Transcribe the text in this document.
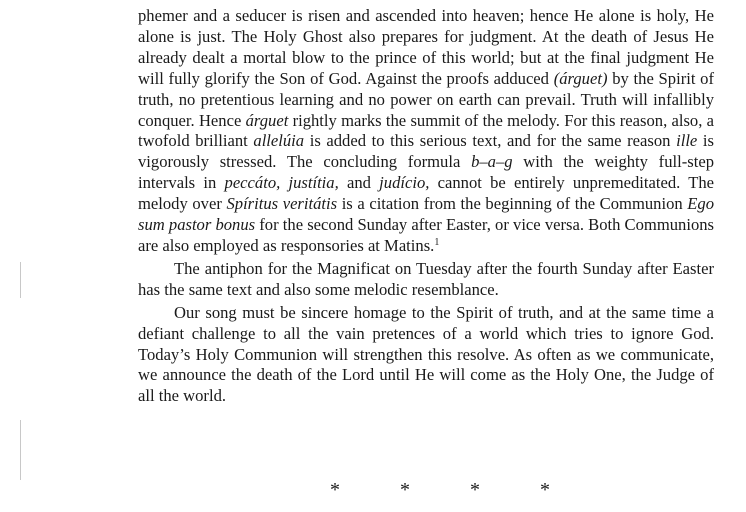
phemer and a seducer is risen and ascended into heaven; hence He alone is holy, He alone is just. The Holy Ghost also prepares for judgment. At the death of Jesus He already dealt a mortal blow to the prince of this world; but at the final judgment He will fully glorify the Son of God. Against the proofs adduced (árguet) by the Spirit of truth, no pretentious learning and no power on earth can prevail. Truth will infallibly conquer. Hence árguet rightly marks the summit of the melody. For this reason, also, a twofold brilliant allelúia is added to this serious text, and for the same reason ille is vigorously stressed. The concluding formula b–a–g with the weighty full-step intervals in peccáto, justítia, and judício, cannot be entirely unpremeditated. The melody over Spíritus veritátis is a citation from the beginning of the Communion Ego sum pastor bonus for the second Sunday after Easter, or vice versa. Both Communions are also employed as responsories at Matins.$^1$

The antiphon for the Magnificat on Tuesday after the fourth Sunday after Easter has the same text and also some melodic resemblance.

Our song must be sincere homage to the Spirit of truth, and at the same time a defiant challenge to all the vain pretences of a world which tries to ignore God. Today’s Holy Communion will strengthen this resolve. As often as we communicate, we announce the death of the Lord until He will come as the Holy One, the Judge of all the world.

*	*	*	*
